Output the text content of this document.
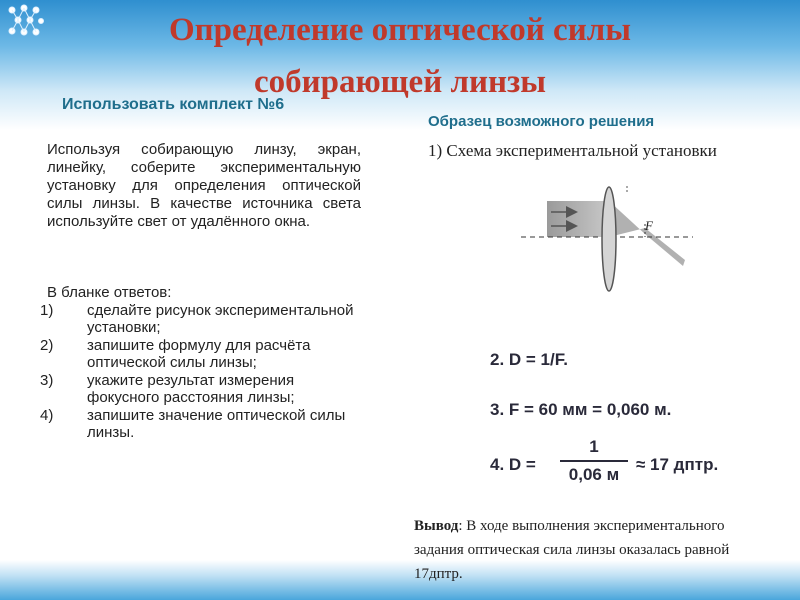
Определение оптической силы
собирающей линзы

Использовать комплект №6

Используя собирающую линзу, экран, линейку, соберите экспериментальную установку для определения оптической силы линзы. В качестве источника света используйте свет от удалённого окна.

В бланке ответов:

1) сделайте рисунок экспериментальной установки;
2) запишите формулу для расчёта оптической силы линзы;
3) укажите результат измерения фокусного расстояния линзы;
4) запишите значение оптической силы линзы.

Образец возможного решения

1) Схема экспериментальной установки

F

2. D = 1/F.

3. F = 60 мм = 0,060 м.

4. D =

1
0,06 м
≈ 17 дптр.

Вывод: В ходе выполнения экспериментального задания оптическая сила линзы оказалась равной 17дптр.
